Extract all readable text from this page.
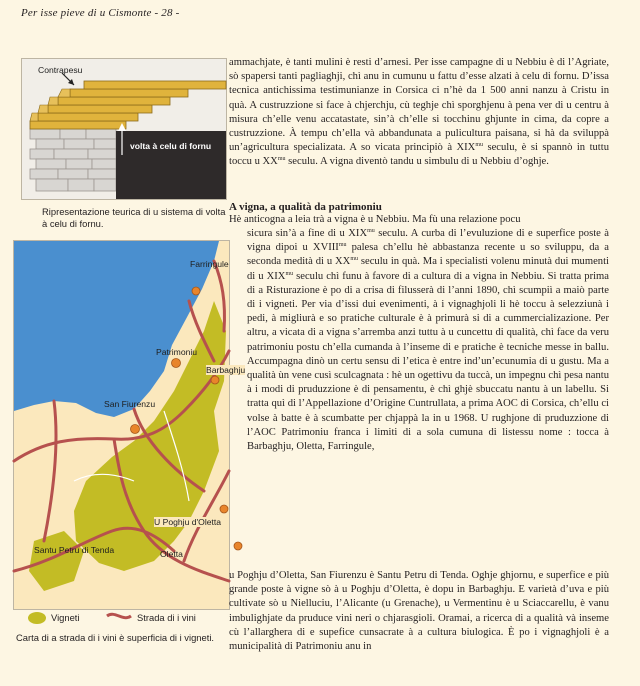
Per isse pieve di u Cismonte - 28 -
Contrapesu
volta à celu di fornu
Ripresentazione teurica di u sistema di volta à celu di fornu.
Farringule
Patrimoniu
Barbaghju
San Fiurenzu
U Poghju d'Oletta
Oletta
Santu Petru di Tenda
Vigneti	Strada di i vini
Carta di a strada di i vini è superficia di i vigneti.

ammachjate, è tanti mulini è resti d’arnesi. Per isse campagne di u Nebbiu è di l’Agriate, sò spapersi tanti pagliaghji, chì anu in cumunu u fattu d’esse alzati à celu di fornu. D’issa tecnica antichissima testimunianze in Corsica ci n’hè da 1 500 anni nanzu à Cristu in quà. A custruzzione si face à chjerchju, cù teghje chì sporghjenu à pena ver di u centru à misura ch’elle venu accatastate, sin’à ch’elle si tocchinu ghjunte in cima, da copre a custruzzione. À tempu ch’ella và abbandunata a pulicultura paisana, si hà da sviluppà un’agricultura specializata. A so vicata principiò à $XIX^{mu}$ seculu, è si spannò in tuttu toccu u $XX^{mu}$ seculu. A vigna diventò tandu u simbulu di u Nebbiu d’oghje.

A vigna, a qualità da patrimoniu

Hè anticogna a leia trà a vigna è u Nebbiu. Ma fù una relazione pocu

sicura sin’à a fine di u $XIX^{mu}$ seculu. A curba di l’evuluzione di e superfice poste à vigna dipoi u $XVIII^{mu}$ palesa ch’ellu hè abbastanza recente u so sviluppu, da a seconda medità di u $XX^{mu}$ seculu in quà. Ma i specialisti volenu minutà dui mumenti di u $XIX^{mu}$ seculu chì funu à favore di a cultura di a vigna in Nebbiu. Si tratta prima di a Risturazione è po di a crisa di filusserà di l’anni 1890, chì scumpiì a maiò parte di i vigneti. Per via d’issi dui evenimenti, à i vignaghjoli li hè toccu à selezziunà i pedi, à migliurà e so pratiche culturale è à primurà si di a cummercializazione. Per altru, a vicata di a vigna s’arremba anzi tuttu à u cuncettu di qualità, chì face da veru patrimoniu postu ch’ella cumanda à l’inseme di e pratiche è tecniche messe in ballu. Accumpagna dinò un certu sensu di l’etica è entre ind’un’ecunumia di u gustu. Ma a qualità ùn vene cusì sculcagnata : hè un ogettivu da tuccà, un impegnu chì pesa nantu à i modi di pruduzzione è di pensamentu, è chì ghjè sbuccatu nantu à un labellu. Si tratta quì di l’Appellazione d’Origine Cuntrullata, a prima AOC di Corsica, ch’ellu ci volse à batte è à scumbatte per chjappà la in u 1968. U rughjone di pruduzzione di l’AOC Patrimoniu franca i limiti di a sola cumuna di listessu nome : tocca à Barbaghju, Oletta, Farringule,

u Poghju d’Oletta, San Fiurenzu è Santu Petru di Tenda. Oghje ghjornu, e superfice e più grande poste à vigne sò à u Poghju d’Oletta, è dopu in Barbaghju. E varietà d’uva e più cultivate sò u Nielluciu, l’Alicante (u Grenache), u Vermentinu è u Sciaccarellu, è vanu imbulighjate da pruduce vini neri o chjarasgioli. Oramai, a ricerca di a qualità và inseme cù l’allarghera di e supefice cunsacrate à a cultura biulogica. È po i vignaghjoli è a municipalità di Patrimoniu anu in
